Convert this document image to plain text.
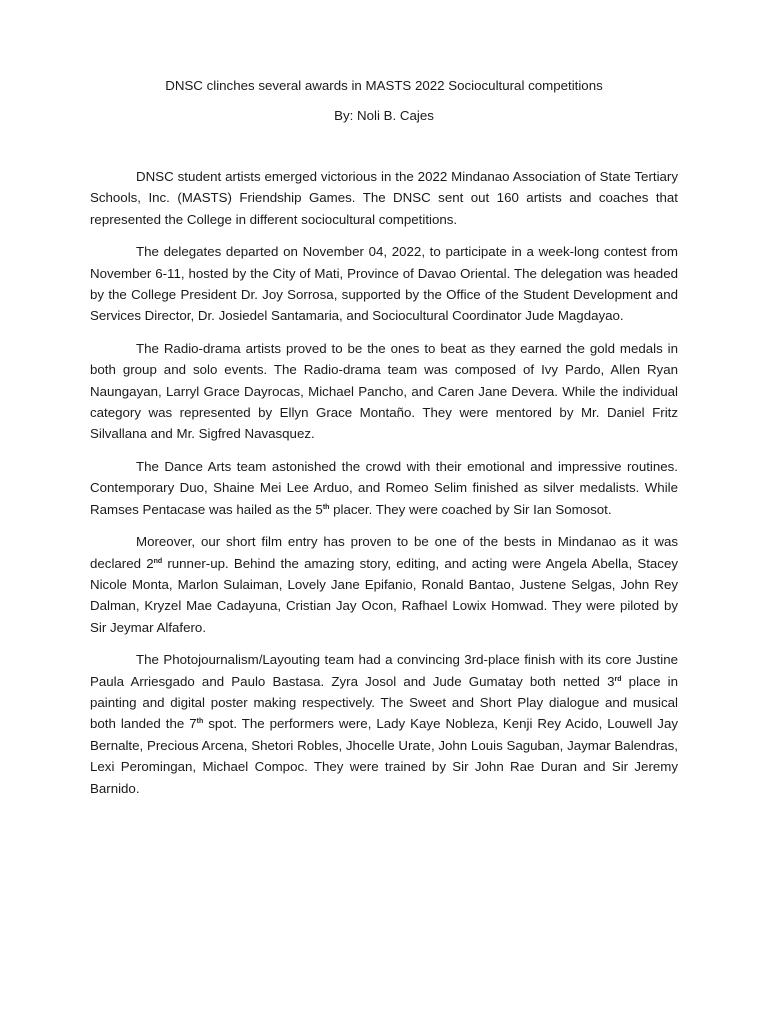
DNSC clinches several awards in MASTS 2022 Sociocultural competitions

By: Noli B. Cajes

DNSC student artists emerged victorious in the 2022 Mindanao Association of State Tertiary Schools, Inc. (MASTS) Friendship Games. The DNSC sent out 160 artists and coaches that represented the College in different sociocultural competitions.

The delegates departed on November 04, 2022, to participate in a week-long contest from November 6-11, hosted by the City of Mati, Province of Davao Oriental. The delegation was headed by the College President Dr. Joy Sorrosa, supported by the Office of the Student Development and Services Director, Dr. Josiedel Santamaria, and Sociocultural Coordinator Jude Magdayao.

The Radio-drama artists proved to be the ones to beat as they earned the gold medals in both group and solo events. The Radio-drama team was composed of Ivy Pardo, Allen Ryan Naungayan, Larryl Grace Dayrocas, Michael Pancho, and Caren Jane Devera. While the individual category was represented by Ellyn Grace Montaño. They were mentored by Mr. Daniel Fritz Silvallana and Mr. Sigfred Navasquez.

The Dance Arts team astonished the crowd with their emotional and impressive routines. Contemporary Duo, Shaine Mei Lee Arduo, and Romeo Selim finished as silver medalists. While Ramses Pentacase was hailed as the 5th placer. They were coached by Sir Ian Somosot.

Moreover, our short film entry has proven to be one of the bests in Mindanao as it was declared 2nd runner-up. Behind the amazing story, editing, and acting were Angela Abella, Stacey Nicole Monta, Marlon Sulaiman, Lovely Jane Epifanio, Ronald Bantao, Justene Selgas, John Rey Dalman, Kryzel Mae Cadayuna, Cristian Jay Ocon, Rafhael Lowix Homwad. They were piloted by Sir Jeymar Alfafero.

The Photojournalism/Layouting team had a convincing 3rd-place finish with its core Justine Paula Arriesgado and Paulo Bastasa. Zyra Josol and Jude Gumatay both netted 3rd place in painting and digital poster making respectively. The Sweet and Short Play dialogue and musical both landed the 7th spot. The performers were, Lady Kaye Nobleza, Kenji Rey Acido, Louwell Jay Bernalte, Precious Arcena, Shetori Robles, Jhocelle Urate, John Louis Saguban, Jaymar Balendras, Lexi Peromingan, Michael Compoc. They were trained by Sir John Rae Duran and Sir Jeremy Barnido.
